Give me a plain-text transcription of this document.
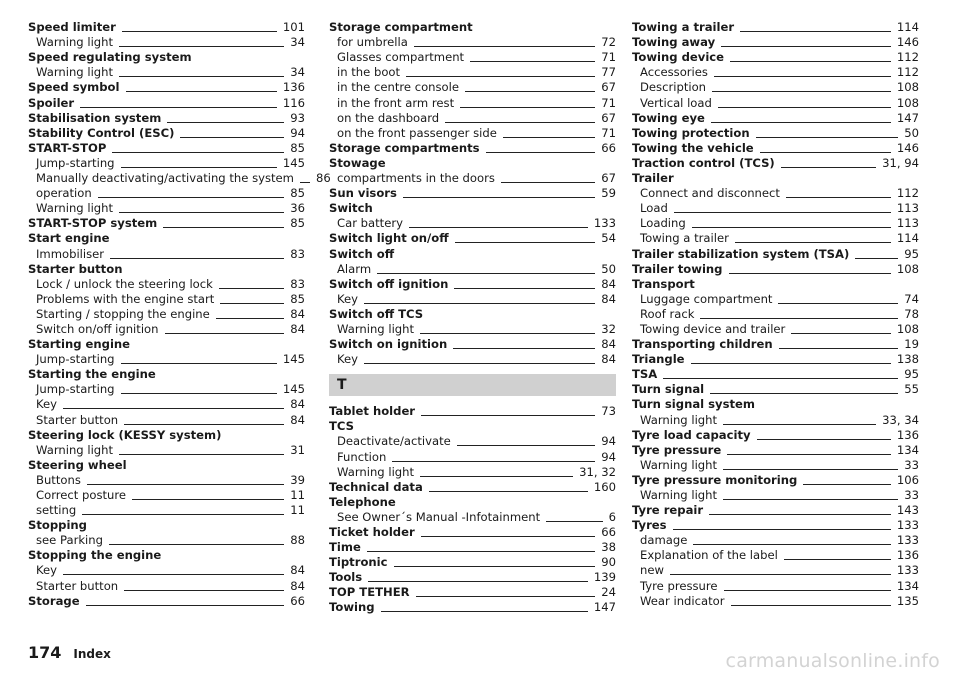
Speed limiter	101
Warning light	34
Speed regulating system
Warning light	34
Speed symbol	136
Spoiler	116
Stabilisation system	93
Stability Control (ESC)	94
START-STOP	85
Jump-starting	145
Manually deactivating/activating the system 86
operation	85
Warning light	36
START-STOP system	85
Start engine
Immobiliser	83
Starter button
Lock / unlock the steering lock	83
Problems with the engine start	85
Starting / stopping the engine	84
Switch on/off ignition	84
Starting engine
Jump-starting	145
Starting the engine
Jump-starting	145
Key	84
Starter button	84
Steering lock (KESSY system)
Warning light	31
Steering wheel
Buttons	39
Correct posture	11
setting	11
Stopping
see Parking	88
Stopping the engine
Key	84
Starter button	84
Storage	66
Storage compartment
for umbrella	72
Glasses compartment	71
in the boot	77
in the centre console	67
in the front arm rest	71
on the dashboard	67
on the front passenger side	71
Storage compartments	66
Stowage
compartments in the doors	67
Sun visors	59
Switch
Car battery	133
Switch light on/off	54
Switch off
Alarm	50
Switch off ignition	84
Key	84
Switch off TCS
Warning light	32
Switch on ignition	84
Key	84
T
Tablet holder	73
TCS
Deactivate/activate	94
Function	94
Warning light	31, 32
Technical data	160
Telephone
See Owner´s Manual -Infotainment	6
Ticket holder	66
Time	38
Tiptronic	90
Tools	139
TOP TETHER	24
Towing	147
Towing a trailer	114
Towing away	146
Towing device	112
Accessories	112
Description	108
Vertical load	108
Towing eye	147
Towing protection	50
Towing the vehicle	146
Traction control (TCS)	31, 94
Trailer
Connect and disconnect	112
Load	113
Loading	113
Towing a trailer	114
Trailer stabilization system (TSA)	95
Trailer towing	108
Transport
Luggage compartment	74
Roof rack	78
Towing device and trailer	108
Transporting children	19
Triangle	138
TSA	95
Turn signal	55
Turn signal system
Warning light	33, 34
Tyre load capacity	136
Tyre pressure	134
Warning light	33
Tyre pressure monitoring	106
Warning light	33
Tyre repair	143
Tyres	133
damage	133
Explanation of the label	136
new	133
Tyre pressure	134
Wear indicator	135
174 Index	carmanualsonline.info
